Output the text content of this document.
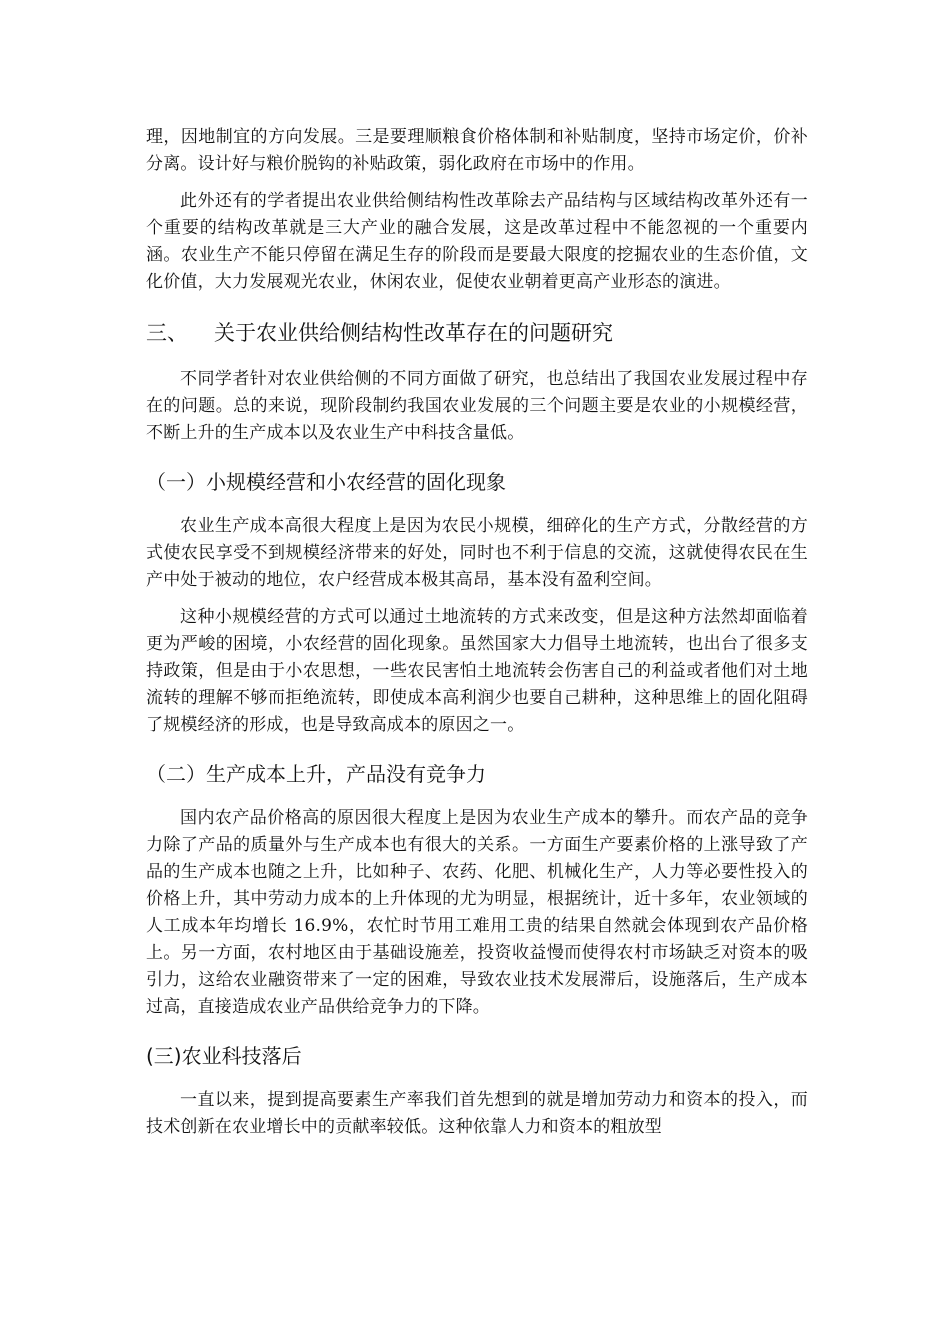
理，因地制宜的方向发展。三是要理顺粮食价格体制和补贴制度，坚持市场定价，价补分离。设计好与粮价脱钩的补贴政策，弱化政府在市场中的作用。

此外还有的学者提出农业供给侧结构性改革除去产品结构与区域结构改革外还有一个重要的结构改革就是三大产业的融合发展，这是改革过程中不能忽视的一个重要内涵。农业生产不能只停留在满足生存的阶段而是要最大限度的挖掘农业的生态价值，文化价值，大力发展观光农业，休闲农业，促使农业朝着更高产业形态的演进。

三、	关于农业供给侧结构性改革存在的问题研究

不同学者针对农业供给侧的不同方面做了研究，也总结出了我国农业发展过程中存在的问题。总的来说，现阶段制约我国农业发展的三个问题主要是农业的小规模经营，不断上升的生产成本以及农业生产中科技含量低。

（一）小规模经营和小农经营的固化现象

农业生产成本高很大程度上是因为农民小规模，细碎化的生产方式，分散经营的方式使农民享受不到规模经济带来的好处，同时也不利于信息的交流，这就使得农民在生产中处于被动的地位，农户经营成本极其高昂，基本没有盈利空间。

这种小规模经营的方式可以通过土地流转的方式来改变，但是这种方法然却面临着更为严峻的困境，小农经营的固化现象。虽然国家大力倡导土地流转，也出台了很多支持政策，但是由于小农思想，一些农民害怕土地流转会伤害自己的利益或者他们对土地流转的理解不够而拒绝流转，即使成本高利润少也要自己耕种，这种思维上的固化阻碍了规模经济的形成，也是导致高成本的原因之一。

（二）生产成本上升，产品没有竞争力

国内农产品价格高的原因很大程度上是因为农业生产成本的攀升。而农产品的竞争力除了产品的质量外与生产成本也有很大的关系。一方面生产要素价格的上涨导致了产品的生产成本也随之上升，比如种子、农药、化肥、机械化生产，人力等必要性投入的价格上升，其中劳动力成本的上升体现的尤为明显，根据统计，近十多年，农业领域的人工成本年均增长 16.9%，农忙时节用工难用工贵的结果自然就会体现到农产品价格上。另一方面，农村地区由于基础设施差，投资收益慢而使得农村市场缺乏对资本的吸引力，这给农业融资带来了一定的困难，导致农业技术发展滞后，设施落后，生产成本过高，直接造成农业产品供给竞争力的下降。

(三)农业科技落后

一直以来，提到提高要素生产率我们首先想到的就是增加劳动力和资本的投入，而技术创新在农业增长中的贡献率较低。这种依靠人力和资本的粗放型
